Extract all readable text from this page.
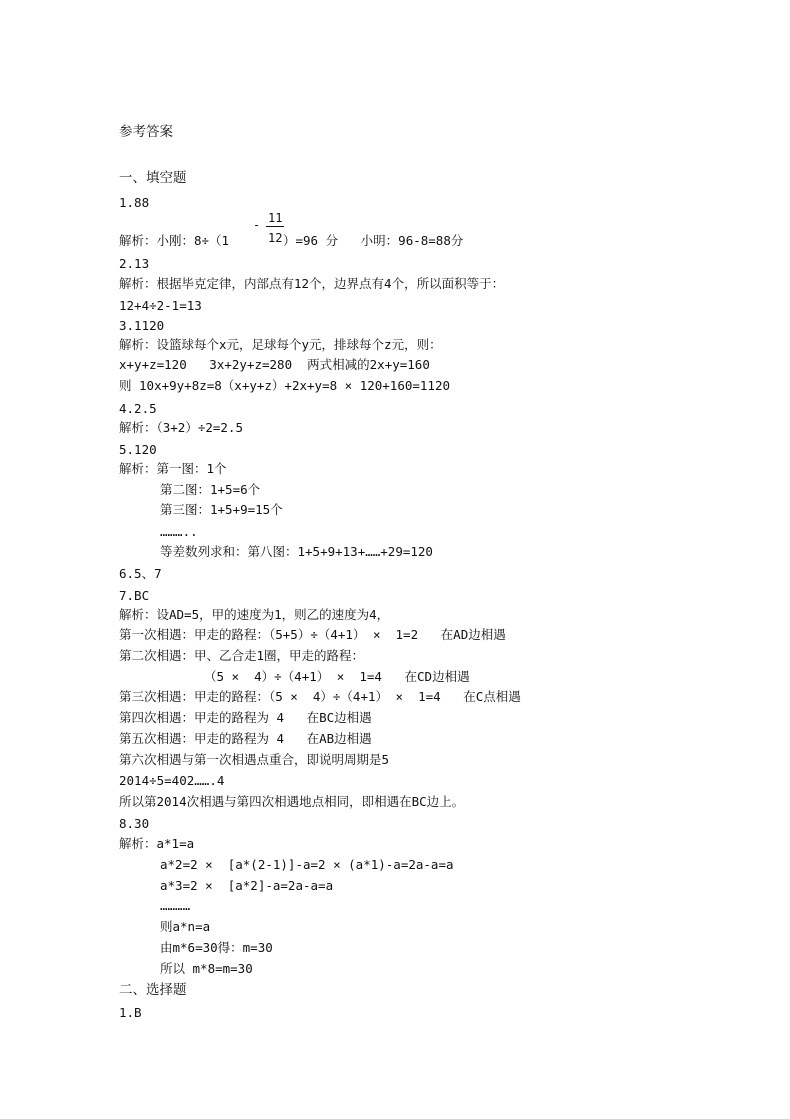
参考答案
一、填空题
1.88
11
-
解析：小刚：8÷（1	12 ）=96 分   小明：96-8=88分
2.13
解析：根据毕克定律，内部点有12个，边界点有4个，所以面积等于：
12+4÷2-1=13
3.1120
解析：设篮球每个x元，足球每个y元，排球每个z元，则：
x+y+z=120   3x+2y+z=280  两式相减的2x+y=160
则 10x+9y+8z=8（x+y+z）+2x+y=8 × 120+160=1120
4.2.5
解析：（3+2）÷2=2.5
5.120
解析：第一图：1个
第二图：1+5=6个
第三图：1+5+9=15个
………..
等差数列求和：第八图：1+5+9+13+……+29=120
6.5、7
7.BC
解析：设AD=5，甲的速度为1，则乙的速度为4，
第一次相遇：甲走的路程：（5+5）÷（4+1） ×  1=2   在AD边相遇
第二次相遇：甲、乙合走1圈，甲走的路程：
（5 ×  4）÷（4+1） ×  1=4   在CD边相遇
第三次相遇：甲走的路程：（5 ×  4）÷（4+1） ×  1=4   在C点相遇
第四次相遇：甲走的路程为 4   在BC边相遇
第五次相遇：甲走的路程为 4   在AB边相遇
第六次相遇与第一次相遇点重合，即说明周期是5
2014÷5=402…….4
所以第2014次相遇与第四次相遇地点相同，即相遇在BC边上。
8.30
解析：a*1=a
a*2=2 ×  [a*(2-1)]-a=2 × (a*1)-a=2a-a=a
a*3=2 ×  [a*2]-a=2a-a=a
…………
则a*n=a
由m*6=30得：m=30
所以 m*8=m=30
二、选择题
1.B
